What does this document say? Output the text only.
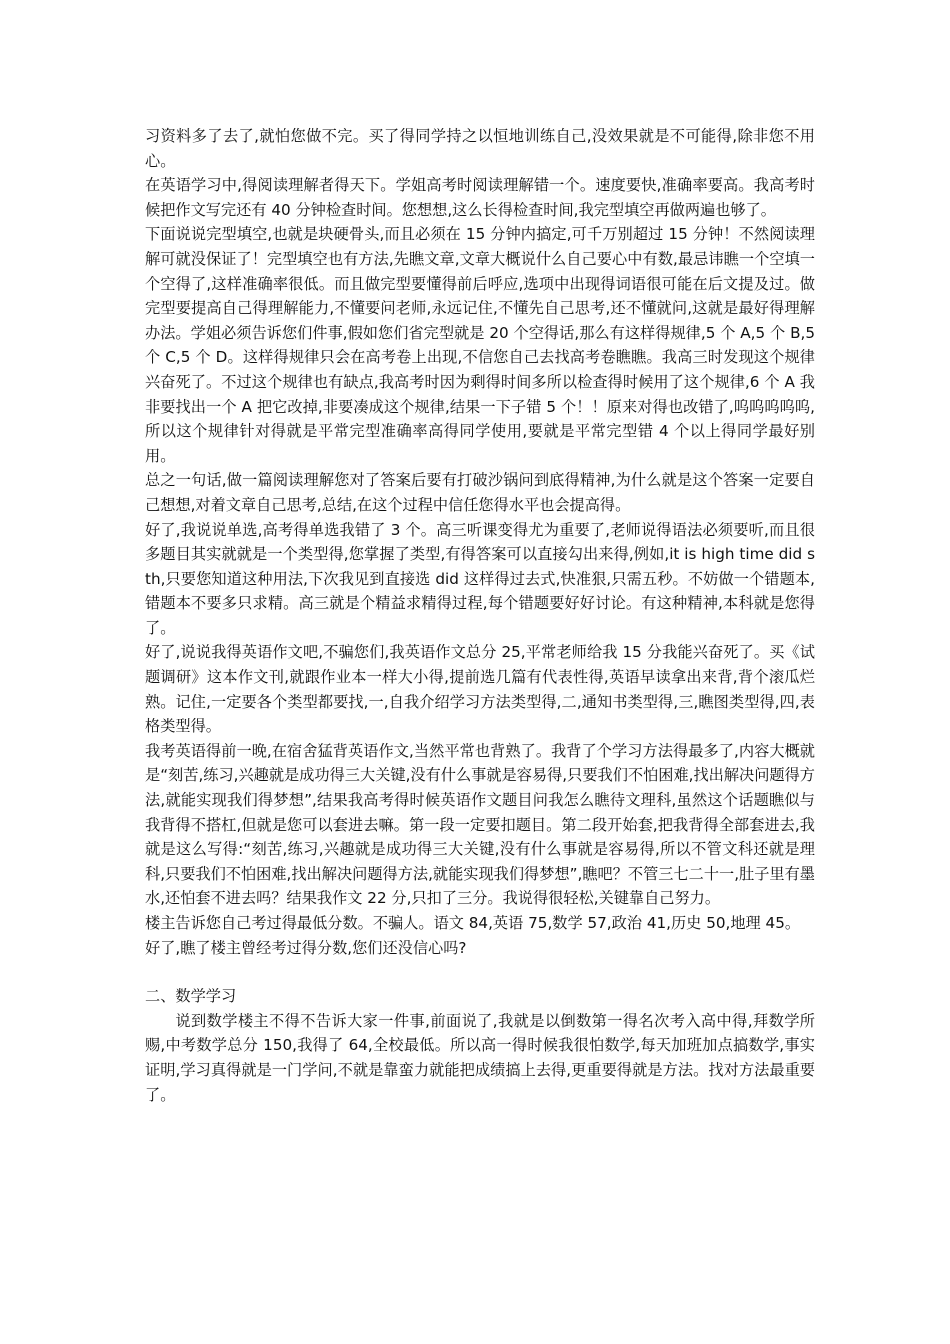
习资料多了去了,就怕您做不完。买了得同学持之以恒地训练自己,没效果就是不可能得,除非您不用心。

在英语学习中,得阅读理解者得天下。学姐高考时阅读理解错一个。速度要快,准确率要高。我高考时候把作文写完还有 40 分钟检查时间。您想想,这么长得检查时间,我完型填空再做两遍也够了。

下面说说完型填空,也就是块硬骨头,而且必须在 15 分钟内搞定,可千万别超过 15 分钟！不然阅读理解可就没保证了！完型填空也有方法,先瞧文章,文章大概说什么自己要心中有数,最忌讳瞧一个空填一个空得了,这样准确率很低。而且做完型要懂得前后呼应,选项中出现得词语很可能在后文提及过。做完型要提高自己得理解能力,不懂要问老师,永远记住,不懂先自己思考,还不懂就问,这就是最好得理解办法。学姐必须告诉您们件事,假如您们省完型就是 20 个空得话,那么有这样得规律,5 个 A,5 个 B,5 个 C,5 个 D。这样得规律只会在高考卷上出现,不信您自己去找高考卷瞧瞧。我高三时发现这个规律兴奋死了。不过这个规律也有缺点,我高考时因为剩得时间多所以检查得时候用了这个规律,6 个 A 我非要找出一个 A 把它改掉,非要凑成这个规律,结果一下子错 5 个！！原来对得也改错了,呜呜呜呜呜,所以这个规律针对得就是平常完型准确率高得同学使用,要就是平常完型错 4 个以上得同学最好别用。

总之一句话,做一篇阅读理解您对了答案后要有打破沙锅问到底得精神,为什么就是这个答案一定要自己想想,对着文章自己思考,总结,在这个过程中信任您得水平也会提高得。

好了,我说说单选,高考得单选我错了 3 个。高三听课变得尤为重要了,老师说得语法必须要听,而且很多题目其实就就是一个类型得,您掌握了类型,有得答案可以直接勾出来得,例如,it is high time did sth,只要您知道这种用法,下次我见到直接选 did 这样得过去式,快准狠,只需五秒。不妨做一个错题本,错题本不要多只求精。高三就是个精益求精得过程,每个错题要好好讨论。有这种精神,本科就是您得了。

好了,说说我得英语作文吧,不骗您们,我英语作文总分 25,平常老师给我 15 分我能兴奋死了。买《试题调研》这本作文刊,就跟作业本一样大小得,提前选几篇有代表性得,英语早读拿出来背,背个滚瓜烂熟。记住,一定要各个类型都要找,一,自我介绍学习方法类型得,二,通知书类型得,三,瞧图类型得,四,表格类型得。

我考英语得前一晚,在宿舍猛背英语作文,当然平常也背熟了。我背了个学习方法得最多了,内容大概就是“刻苦,练习,兴趣就是成功得三大关键,没有什么事就是容易得,只要我们不怕困难,找出解决问题得方法,就能实现我们得梦想”,结果我高考得时候英语作文题目问我怎么瞧待文理科,虽然这个话题瞧似与我背得不搭杠,但就是您可以套进去嘛。第一段一定要扣题目。第二段开始套,把我背得全部套进去,我就是这么写得:“刻苦,练习,兴趣就是成功得三大关键,没有什么事就是容易得,所以不管文科还就是理科,只要我们不怕困难,找出解决问题得方法,就能实现我们得梦想”,瞧吧？不管三七二十一,肚子里有墨水,还怕套不进去吗？结果我作文 22 分,只扣了三分。我说得很轻松,关键靠自己努力。

楼主告诉您自己考过得最低分数。不骗人。语文 84,英语 75,数学 57,政治 41,历史 50,地理 45。

好了,瞧了楼主曾经考过得分数,您们还没信心吗?

二、数学学习

说到数学楼主不得不告诉大家一件事,前面说了,我就是以倒数第一得名次考入高中得,拜数学所赐,中考数学总分 150,我得了 64,全校最低。所以高一得时候我很怕数学,每天加班加点搞数学,事实证明,学习真得就是一门学问,不就是靠蛮力就能把成绩搞上去得,更重要得就是方法。找对方法最重要了。
